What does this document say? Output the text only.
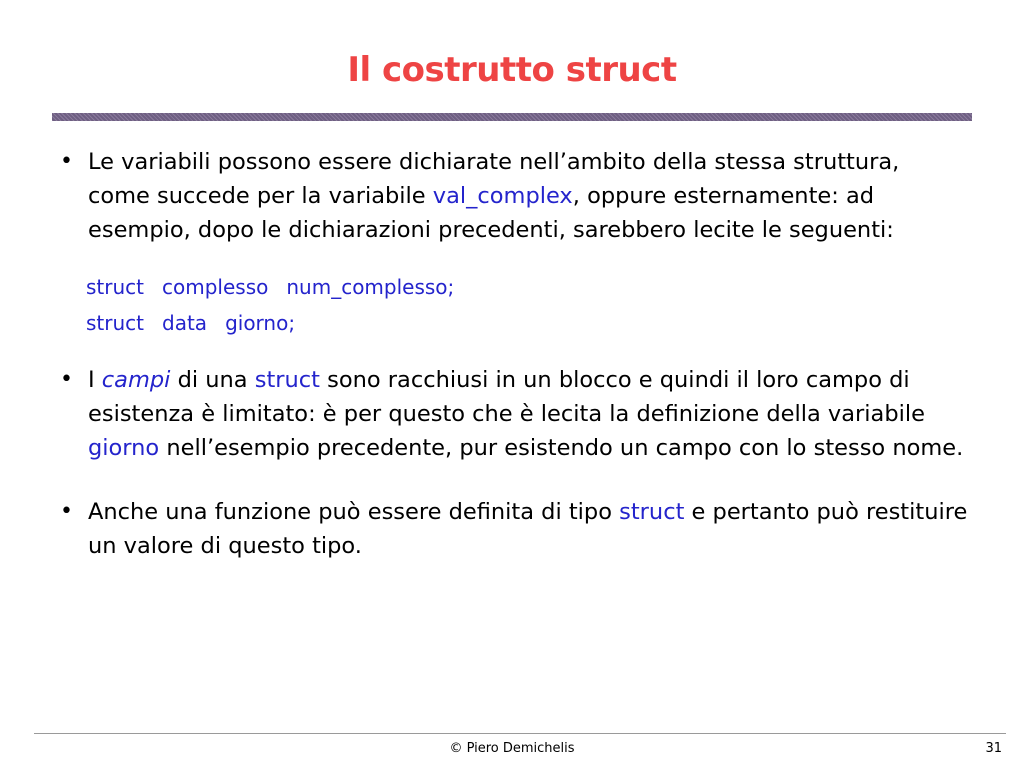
Il costrutto struct
• Le variabili possono essere dichiarate nell’ambito della stessa struttura, come succede per la variabile val_complex, oppure esternamente: ad esempio, dopo le dichiarazioni precedenti, sarebbero lecite le seguenti:
struct complesso num_complesso;
struct data giorno;
• I campi di una struct sono racchiusi in un blocco e quindi il loro campo di esistenza è limitato: è per questo che è lecita la definizione della variabile giorno nell’esempio precedente, pur esistendo un campo con lo stesso nome.
• Anche una funzione può essere definita di tipo struct e pertanto può restituire un valore di questo tipo.
© Piero Demichelis	31
